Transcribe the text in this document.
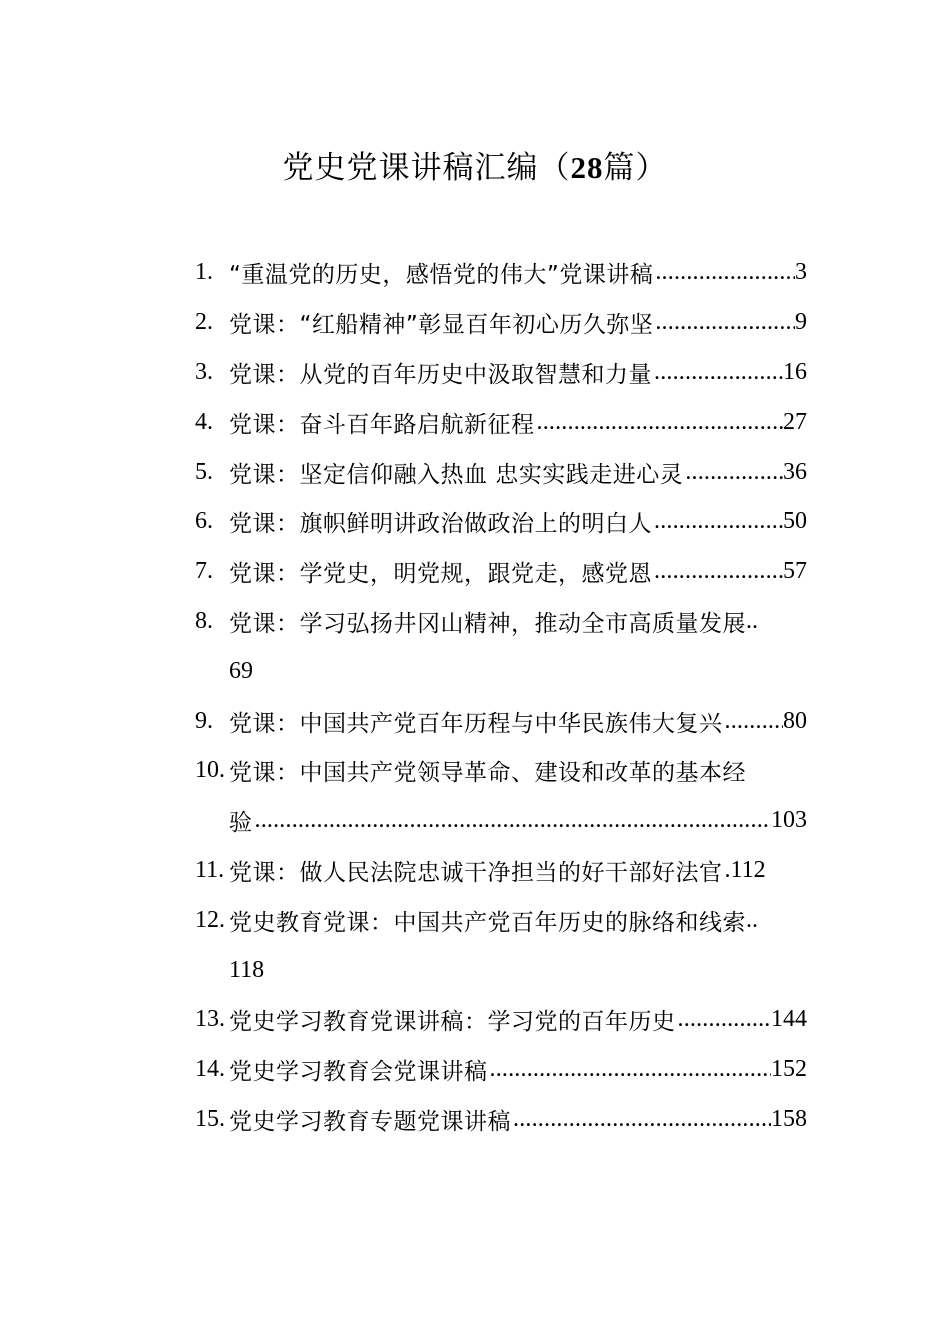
党史党课讲稿汇编（28篇）
1. “重温党的历史，感悟党的伟大”党课讲稿 .....	3
2. 党课：“红船精神”彰显百年初心历久弥坚 .....	9
3. 党课：从党的百年历史中汲取智慧和力量 .....	16
4. 党课：奋斗百年路启航新征程 .....	27
5. 党课：坚定信仰融入热血 忠实实践走进心灵 .....	36
6. 党课：旗帜鲜明讲政治做政治上的明白人 .....	50
7. 党课：学党史，明党规，跟党走，感党恩 .....	57
8. 党课：学习弘扬井冈山精神，推动全市高质量发展 ..
69
9. 党课：中国共产党百年历程与中华民族伟大复兴 .....	80
10. 党课：中国共产党领导革命、建设和改革的基本经
验 .....	103
11. 党课：做人民法院忠诚干净担当的好干部好法官 ..... 112
12. 党史教育党课：中国共产党百年历史的脉络和线索 ..
118
13. 党史学习教育党课讲稿：学习党的百年历史 .....	144
14. 党史学习教育会党课讲稿 .....	152
15. 党史学习教育专题党课讲稿 .....	158
